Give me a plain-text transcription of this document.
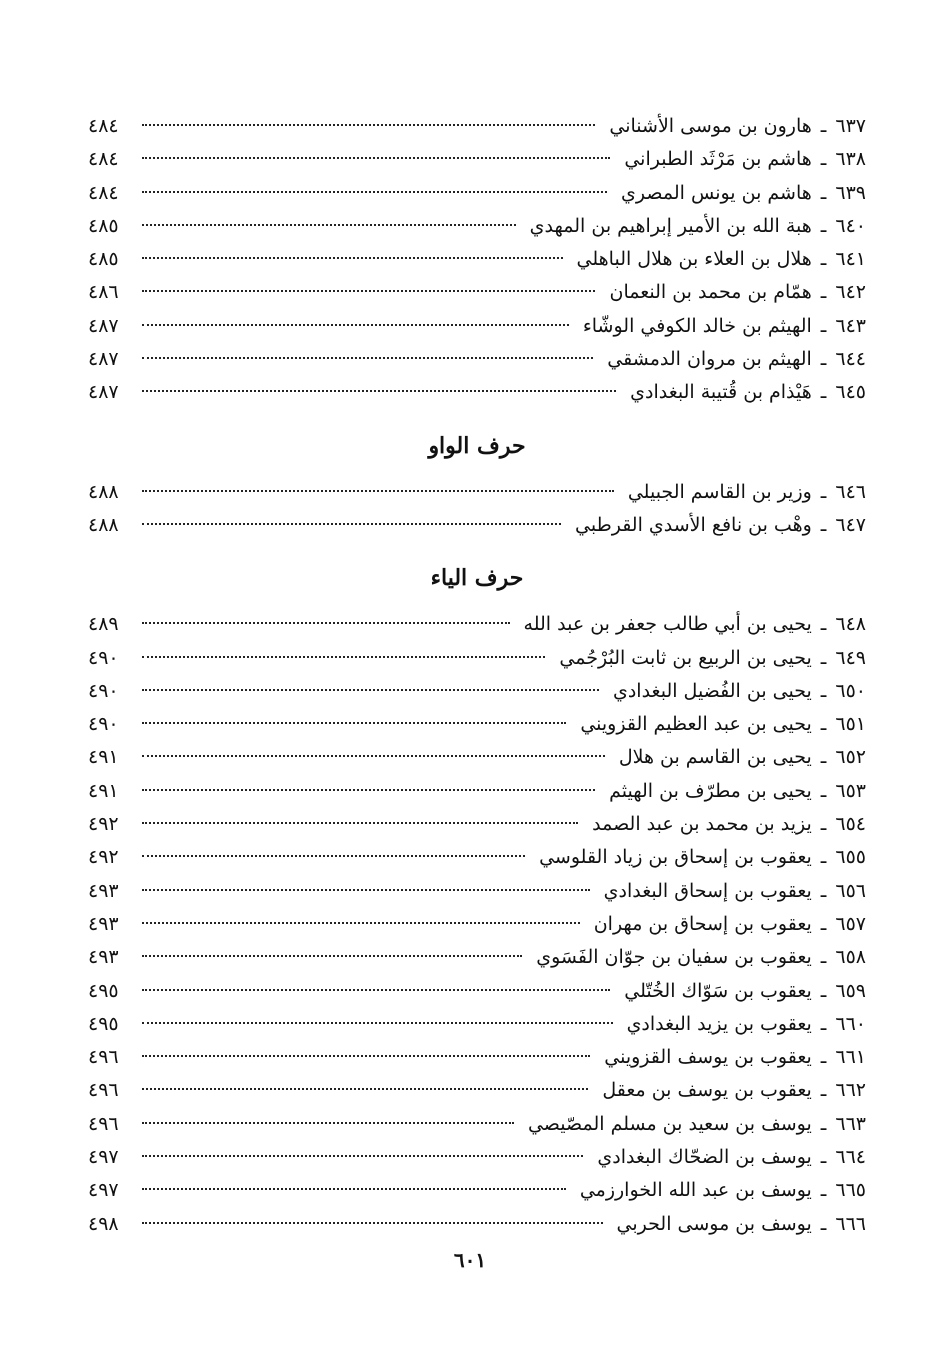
٦٣٧
ـ
هارون بن موسى الأشناني
٤٨٤
٦٣٨
ـ
هاشم بن مَرْثَد الطبراني
٤٨٤
٦٣٩
ـ
هاشم بن يونس المصري
٤٨٤
٦٤٠
ـ
هبة الله بن الأمير إبراهيم بن المهدي
٤٨٥
٦٤١
ـ
هلال بن العلاء بن هلال الباهلي
٤٨٥
٦٤٢
ـ
همّام بن محمد بن النعمان
٤٨٦
٦٤٣
ـ
الهيثم بن خالد الكوفي الوشّاء
٤٨٧
٦٤٤
ـ
الهيثم بن مروان الدمشقي
٤٨٧
٦٤٥
ـ
هَيْذام بن قُتيبة البغدادي
٤٨٧
حرف الواو
٦٤٦
ـ
وزير بن القاسم الجبيلي
٤٨٨
٦٤٧
ـ
وهْب بن نافع الأسدي القرطبي
٤٨٨
حرف الياء
٦٤٨
ـ
يحيى بن أبي طالب جعفر بن عبد الله
٤٨٩
٦٤٩
ـ
يحيى بن الربيع بن ثابت البُرْجُمي
٤٩٠
٦٥٠
ـ
يحيى بن الفُضيل البغدادي
٤٩٠
٦٥١
ـ
يحيى بن عبد العظيم القزويني
٤٩٠
٦٥٢
ـ
يحيى بن القاسم بن هلال
٤٩١
٦٥٣
ـ
يحيى بن مطرّف بن الهيثم
٤٩١
٦٥٤
ـ
يزيد بن محمد بن عبد الصمد
٤٩٢
٦٥٥
ـ
يعقوب بن إسحاق بن زياد القلوسي
٤٩٢
٦٥٦
ـ
يعقوب بن إسحاق البغدادي
٤٩٣
٦٥٧
ـ
يعقوب بن إسحاق بن مهران
٤٩٣
٦٥٨
ـ
يعقوب بن سفيان بن جوّان الفَسَوي
٤٩٣
٦٥٩
ـ
يعقوب بن سَوّاك الخُتّلي
٤٩٥
٦٦٠
ـ
يعقوب بن يزيد البغدادي
٤٩٥
٦٦١
ـ
يعقوب بن يوسف القزويني
٤٩٦
٦٦٢
ـ
يعقوب بن يوسف بن معقل
٤٩٦
٦٦٣
ـ
يوسف بن سعيد بن مسلم المصّيصي
٤٩٦
٦٦٤
ـ
يوسف بن الضحّاك البغدادي
٤٩٧
٦٦٥
ـ
يوسف بن عبد الله الخوارزمي
٤٩٧
٦٦٦
ـ
يوسف بن موسى الحربي
٤٩٨
٦٠١
